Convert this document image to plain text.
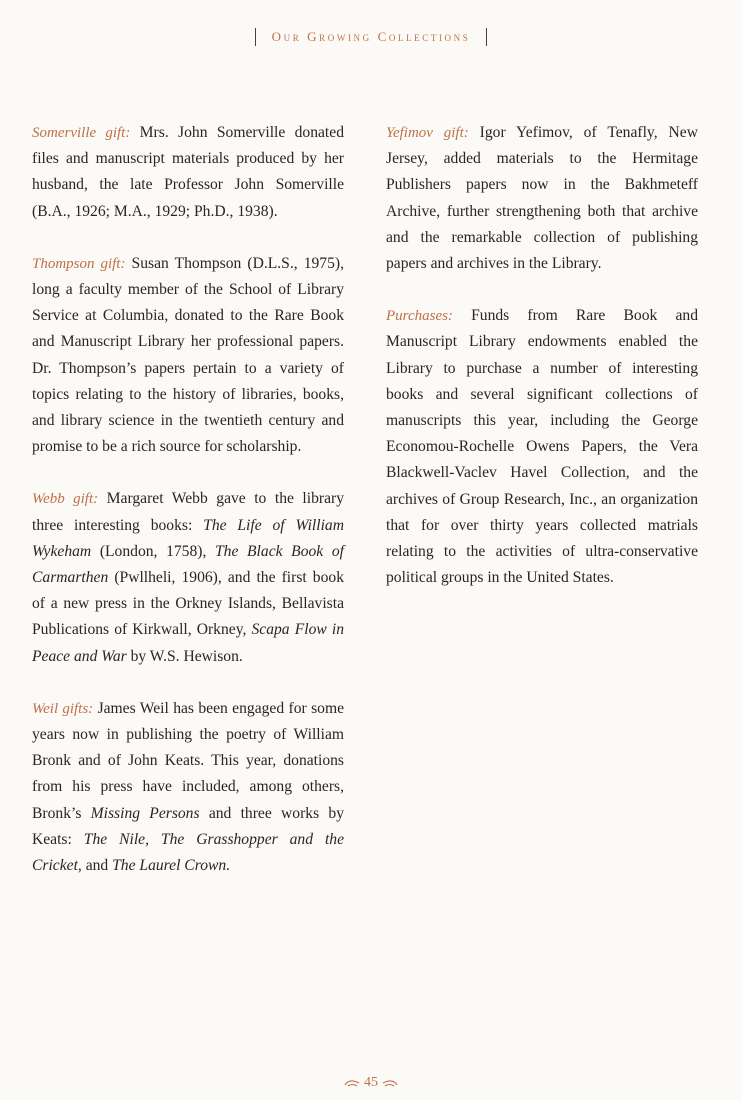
Our Growing Collections

Somerville gift: Mrs. John Somerville donated files and manuscript materials produced by her husband, the late Professor John Somerville (B.A., 1926; M.A., 1929; Ph.D., 1938).

Thompson gift: Susan Thompson (D.L.S., 1975), long a faculty member of the School of Library Service at Columbia, donated to the Rare Book and Manuscript Library her professional papers. Dr. Thompson’s papers pertain to a variety of topics relating to the history of libraries, books, and library science in the twentieth century and promise to be a rich source for scholarship.

Webb gift: Margaret Webb gave to the library three interesting books: The Life of William Wykeham (London, 1758), The Black Book of Carmarthen (Pwllheli, 1906), and the first book of a new press in the Orkney Islands, Bellavista Publications of Kirkwall, Orkney, Scapa Flow in Peace and War by W.S. Hewison.

Weil gifts: James Weil has been engaged for some years now in publishing the poetry of William Bronk and of John Keats. This year, donations from his press have included, among others, Bronk’s Missing Persons and three works by Keats: The Nile, The Grasshopper and the Cricket, and The Laurel Crown.

Yefimov gift: Igor Yefimov, of Tenafly, New Jersey, added materials to the Hermitage Publishers papers now in the Bakhmeteff Archive, further strengthening both that archive and the remarkable collection of publishing papers and archives in the Library.

Purchases: Funds from Rare Book and Manuscript Library endowments enabled the Library to purchase a number of interesting books and several significant collections of manuscripts this year, including the George Economou-Rochelle Owens Papers, the Vera Blackwell-Vaclev Havel Collection, and the archives of Group Research, Inc., an organization that for over thirty years collected matrials relating to the activities of ultra-conservative political groups in the United States.

45
